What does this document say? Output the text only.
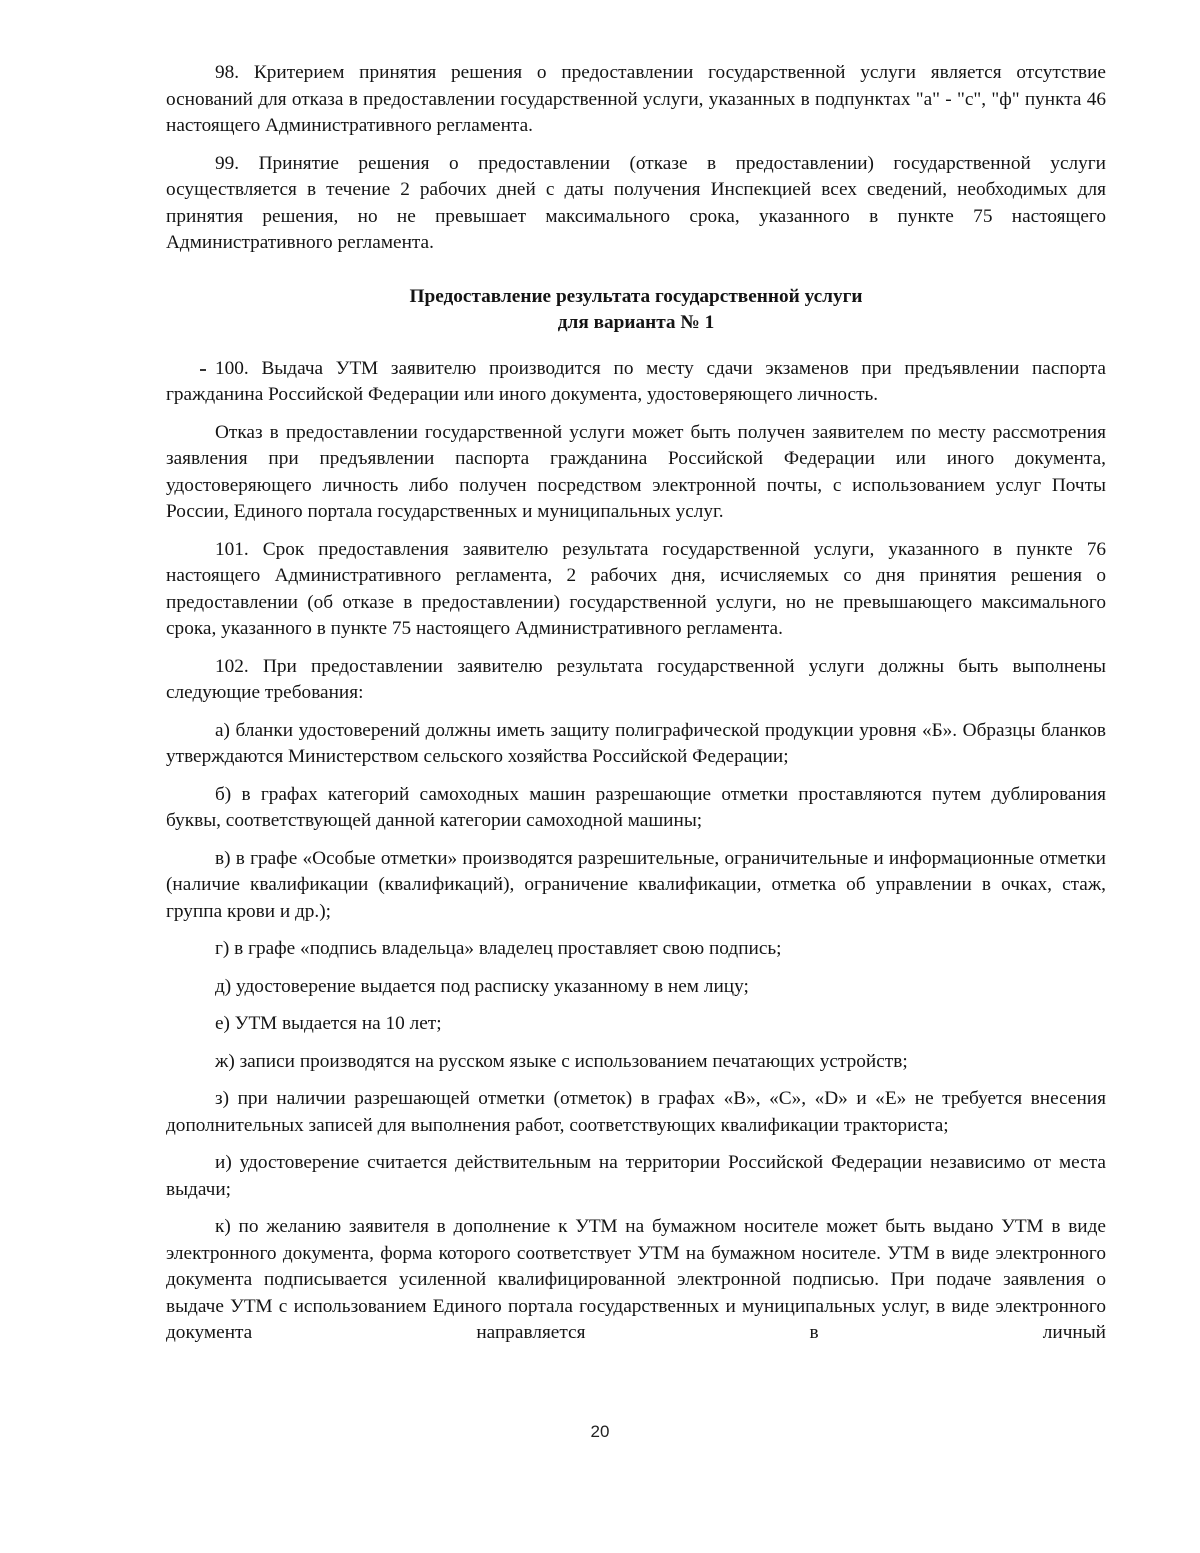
98. Критерием принятия решения о предоставлении государственной услуги является отсутствие оснований для отказа в предоставлении государственной услуги, указанных в подпунктах "а" - "с", "ф" пункта 46 настоящего Административного регламента.

99. Принятие решения о предоставлении (отказе в предоставлении) государственной услуги осуществляется в течение 2 рабочих дней с даты получения Инспекцией всех сведений, необходимых для принятия решения, но не превышает максимального срока, указанного в пункте 75 настоящего Административного регламента.

Предоставление результата государственной услуги
для варианта № 1

100. Выдача УТМ заявителю производится по месту сдачи экзаменов при предъявлении паспорта гражданина Российской Федерации или иного документа, удостоверяющего личность.

Отказ в предоставлении государственной услуги может быть получен заявителем по месту рассмотрения заявления при предъявлении паспорта гражданина Российской Федерации или иного документа, удостоверяющего личность либо получен посредством электронной почты, с использованием услуг Почты России, Единого портала государственных и муниципальных услуг.

101. Срок предоставления заявителю результата государственной услуги, указанного в пункте 76 настоящего Административного регламента, 2 рабочих дня, исчисляемых со дня принятия решения о предоставлении (об отказе в предоставлении) государственной услуги, но не превышающего максимального срока, указанного в пункте 75 настоящего Административного регламента.

102. При предоставлении заявителю результата государственной услуги должны быть выполнены следующие требования:

а) бланки удостоверений должны иметь защиту полиграфической продукции уровня «Б». Образцы бланков утверждаются Министерством сельского хозяйства Российской Федерации;

б) в графах категорий самоходных машин разрешающие отметки проставляются путем дублирования буквы, соответствующей данной категории самоходной машины;

в) в графе «Особые отметки» производятся разрешительные, ограничительные и информационные отметки (наличие квалификации (квалификаций), ограничение квалификации, отметка об управлении в очках, стаж, группа крови и др.);

г) в графе «подпись владельца» владелец проставляет свою подпись;

д) удостоверение выдается под расписку указанному в нем лицу;

е) УТМ выдается на 10 лет;

ж) записи производятся на русском языке с использованием печатающих устройств;

з) при наличии разрешающей отметки (отметок) в графах «В», «С», «D» и «Е» не требуется внесения дополнительных записей для выполнения работ, соответствующих квалификации тракториста;

и) удостоверение считается действительным на территории Российской Федерации независимо от места выдачи;

к) по желанию заявителя в дополнение к УТМ на бумажном носителе может быть выдано УТМ в виде электронного документа, форма которого соответствует УТМ на бумажном носителе. УТМ в виде электронного документа подписывается усиленной квалифицированной электронной подписью. При подаче заявления о выдаче УТМ с использованием Единого портала государственных и муниципальных услуг, в виде электронного документа направляется в личный

20
